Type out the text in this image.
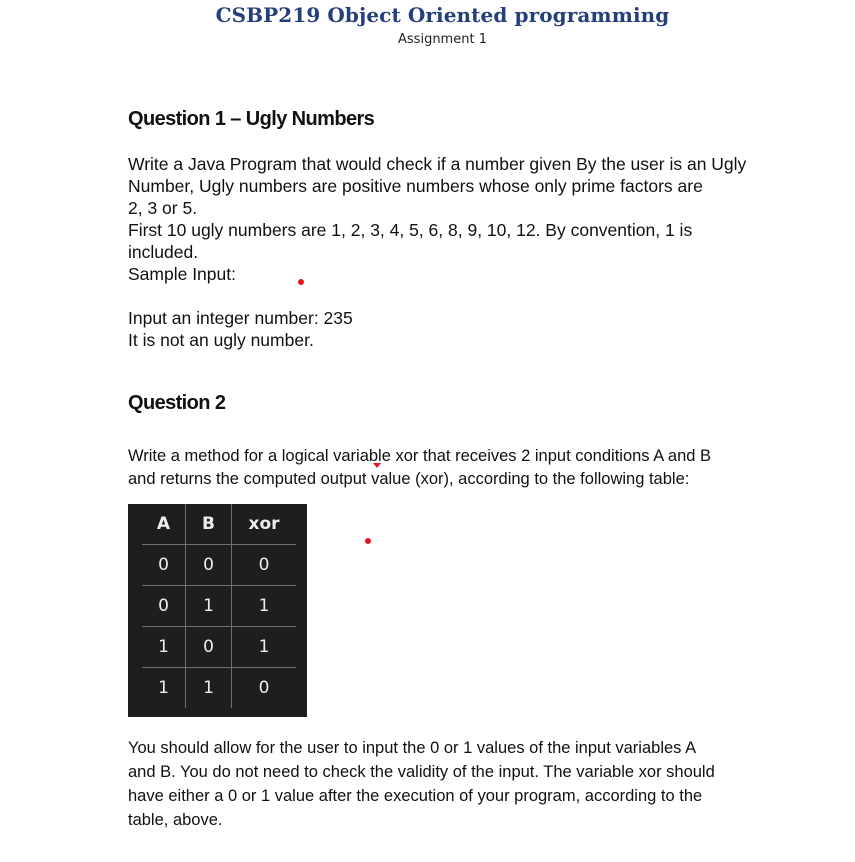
CSBP219 Object Oriented programming
Assignment 1
Question 1 – Ugly Numbers
Write a Java Program that would check if a number given By the user is an Ugly
Number, Ugly numbers are positive numbers whose only prime factors are
2, 3 or 5.
First 10 ugly numbers are 1, 2, 3, 4, 5, 6, 8, 9, 10, 12. By convention, 1 is
included.
Sample Input:
Input an integer number: 235
It is not an ugly number.
Question 2
Write a method for a logical variable xor that receives 2 input conditions A and B
and returns the computed output value (xor), according to the following table:
A	B	xor
0	0	0
0	1	1
1	0	1
1	1	0
You should allow for the user to input the 0 or 1 values of the input variables A
and B. You do not need to check the validity of the input. The variable xor should
have either a 0 or 1 value after the execution of your program, according to the
table, above.
